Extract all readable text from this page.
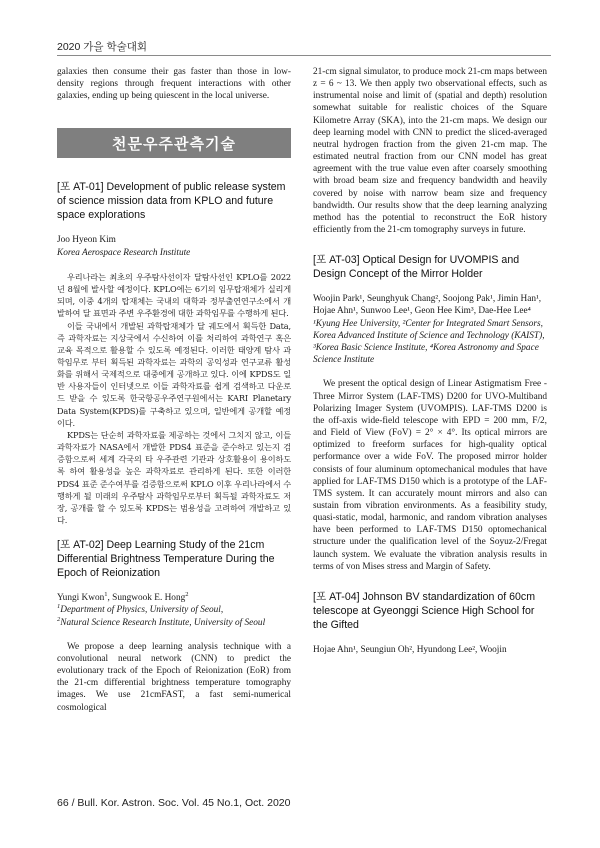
2020 가을 학술대회

galaxies then consume their gas faster than those in low-density regions through frequent interactions with other galaxies, ending up being quiescent in the local universe.

천문우주관측기술

[포 AT-01] Development of public release system of science mission data from KPLO and future space explorations

Joo Hyeon Kim

Korea Aerospace Research Institute

우리나라는 최초의 우주탐사선이자 달탐사선인 KPLO를 2022년 8월에 발사할 예정이다. KPLO에는 6기의 임무탑재체가 실리게 되며, 이중 4개의 탑재체는 국내의 대학과 정부출연연구소에서 개발하여 달 표면과 주변 우주환경에 대한 과학임무를 수행하게 된다.

이들 국내에서 개발된 과학탑재체가 달 궤도에서 획득한 Data, 즉 과학자료는 지상국에서 수신하여 이를 처리하여 과학연구 혹은 교육 목적으로 활용할 수 있도록 예정된다. 이러한 태양계 탐사 과학임무로 부터 획득된 과학자료는 과학의 공익성과 연구교류 활성화를 위해서 국제적으로 대중에게 공개하고 있다. 이에 KPDS도 일반 사용자들이 인터넷으로 이들 과학자료를 쉽게 검색하고 다운로드 받을 수 있도록 한국항공우주연구원에서는 KARI Planetary Data System(KPDS)를 구축하고 있으며, 일반에게 공개할 예정이다.

KPDS는 단순히 과학자료를 제공하는 것에서 그치지 않고, 이들 과학자료가 NASA에서 개발한 PDS4 표준을 준수하고 있는지 검증함으로써 세계 각국의 타 우주관련 기관과 상호활용이 용이하도록 하여 활용성을 높은 과학자료로 관리하게 된다. 또한 이러한 PDS4 표준 준수여부를 검증함으로써 KPLO 이후 우리나라에서 수행하게 될 미래의 우주탐사 과학임무로부터 획득될 과학자료도 저장, 공개를 할 수 있도록 KPDS는 범용성을 고려하여 개발하고 있다.

[포 AT-02] Deep Learning Study of the 21cm Differential Brightness Temperature During the Epoch of Reionization

Yungi Kwon$^1$, Sungwook E. Hong$^2$

$^1$Department of Physics, University of Seoul,

$^2$Natural Science Research Institute, University of Seoul

We propose a deep learning analysis technique with a convolutional neural network (CNN) to predict the evolutionary track of the Epoch of Reionization (EoR) from the 21-cm differential brightness temperature tomography images. We use 21cmFAST, a fast semi-numerical cosmological

21-cm signal simulator, to produce mock 21-cm maps between z = 6 ~ 13. We then apply two observational effects, such as instrumental noise and limit of (spatial and depth) resolution somewhat suitable for realistic choices of the Square Kilometre Array (SKA), into the 21-cm maps. We design our deep learning model with CNN to predict the sliced-averaged neutral hydrogen fraction from the given 21-cm map. The estimated neutral fraction from our CNN model has great agreement with the true value even after coarsely smoothing with broad beam size and frequency bandwidth and heavily covered by noise with narrow beam size and frequency bandwidth. Our results show that the deep learning analyzing method has the potential to reconstruct the EoR history efficiently from the 21-cm tomography surveys in future.

[포 AT-03] Optical Design for UVOMPIS and Design Concept of the Mirror Holder

Woojin Park¹, Seunghyuk Chang², Soojong Pak¹, Jimin Han¹, Hojae Ahn¹, Sunwoo Lee¹, Geon Hee Kim³, Dae-Hee Lee⁴

¹Kyung Hee University, ²Center for Integrated Smart Sensors, Korea Advanced Institute of Science and Technology (KAIST), ³Korea Basic Science Institute, ⁴Korea Astronomy and Space Science Institute

We present the optical design of Linear Astigmatism Free - Three Mirror System (LAF-TMS) D200 for UVO-Multiband Polarizing Imager System (UVOMPIS). LAF-TMS D200 is the off-axis wide-field telescope with EPD = 200 mm, F/2, and Field of View (FoV) = 2° × 4°. Its optical mirrors are optimized to freeform surfaces for high-quality optical performance over a wide FoV. The proposed mirror holder consists of four aluminum optomechanical modules that have applied for LAF-TMS D150 which is a prototype of the LAF-TMS system. It can accurately mount mirrors and also can sustain from vibration environments. As a feasibility study, quasi-static, modal, harmonic, and random vibration analyses have been performed to LAF-TMS D150 optomechanical structure under the qualification level of the Soyuz-2/Fregat launch system. We evaluate the vibration analysis results in terms of von Mises stress and Margin of Safety.

[포 AT-04] Johnson BV standardization of 60cm telescope at Gyeonggi Science High School for the Gifted

Hojae Ahn¹, Seungiun Oh², Hyundong Lee², Woojin

66 / Bull. Kor. Astron. Soc. Vol. 45 No.1, Oct. 2020
